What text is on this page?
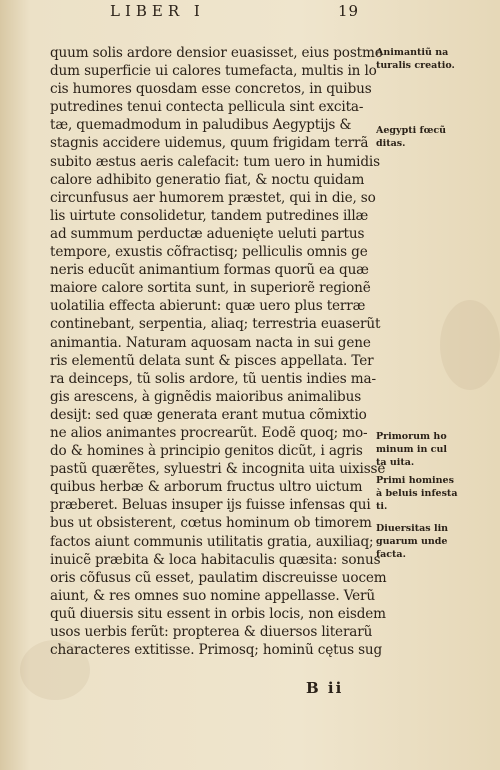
LIBER I	19
quum solis ardore densior euasisset, eius postmo
dum superficie ui calores tumefacta, multis in lo
cis humores quosdam esse concretos, in quibus
putredines tenui contecta pellicula sint excita-
tæ, quemadmodum in paludibus Aegyptijs &
stagnis accidere uidemus, quum frigidam terrã
subito æstus aeris calefacit: tum uero in humidis
calore adhibito generatio fiat, & noctu quidam
circunfusus aer humorem præstet, qui in die, so
lis uirtute consolidetur, tandem putredines illæ
ad summum perductæ aduenięte ueluti partus
tempore, exustis cõfractisq; pelliculis omnis ge
neris educũt animantium formas quorũ ea quæ
maiore calore sortita sunt, in superiorẽ regionẽ
uolatilia effecta abierunt: quæ uero plus terræ
continebant, serpentia, aliaq; terrestria euaserũt
animantia. Naturam aquosam nacta in sui gene
ris elementũ delata sunt & pisces appellata. Ter
ra deinceps, tũ solis ardore, tũ uentis indies ma-
gis arescens, à gignẽdis maioribus animalibus
desijt: sed quæ generata erant mutua cõmixtio
ne alios animantes procrearũt. Eodẽ quoq; mo-
do & homines à principio genitos dicũt, i agris
pastũ quærẽtes, syluestri & incognita uita uixisse
quibus herbæ & arborum fructus ultro uictum
præberet. Beluas insuper ijs fuisse infensas qui
bus ut obsisterent, cœtus hominum ob timorem
factos aiunt communis utilitatis gratia, auxiliaq;
inuicẽ præbita & loca habitaculis quæsita: sonus
oris cõfusus cũ esset, paulatim discreuisse uocem
aiunt, & res omnes suo nomine appellasse. Verũ
quũ diuersis situ essent in orbis locis, non eisdem
usos uerbis ferũt: propterea & diuersos literarũ
characteres extitisse. Primosq; hominũ cętus sug
Animantiũ na
turalis creatio.
Aegypti fœcũ
ditas.
Primorum ho
minum in cul
ta uita.
Primi homines
à beluis infesta
ti.
Diuersitas lin
guarum unde
facta.
B ii
